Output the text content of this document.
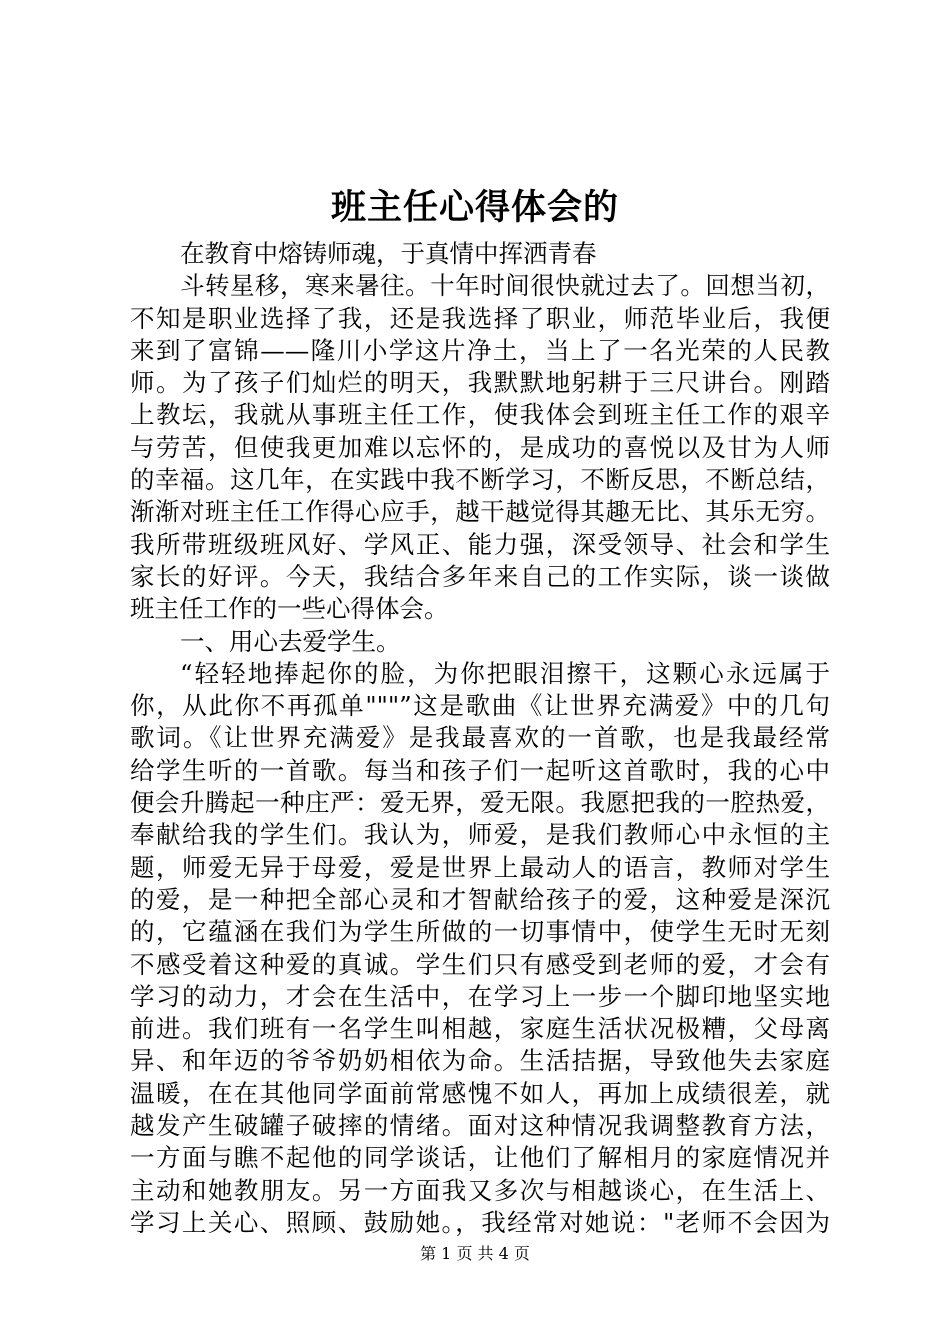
班主任心得体会的
在教育中熔铸师魂，于真情中挥洒青春
斗转星移，寒来暑往。十年时间很快就过去了。回想当初，
不知是职业选择了我，还是我选择了职业，师范毕业后，我便
来到了富锦——隆川小学这片净土，当上了一名光荣的人民教
师。为了孩子们灿烂的明天，我默默地躬耕于三尺讲台。刚踏
上教坛，我就从事班主任工作，使我体会到班主任工作的艰辛
与劳苦，但使我更加难以忘怀的，是成功的喜悦以及甘为人师
的幸福。这几年，在实践中我不断学习，不断反思，不断总结，
渐渐对班主任工作得心应手，越干越觉得其趣无比、其乐无穷。
我所带班级班风好、学风正、能力强，深受领导、社会和学生
家长的好评。今天，我结合多年来自己的工作实际，谈一谈做
班主任工作的一些心得体会。
一、用心去爱学生。
“轻轻地捧起你的脸，为你把眼泪擦干，这颗心永远属于
你，从此你不再孤单"""”这是歌曲《让世界充满爱》中的几句
歌词。《让世界充满爱》是我最喜欢的一首歌，也是我最经常
给学生听的一首歌。每当和孩子们一起听这首歌时，我的心中
便会升腾起一种庄严：爱无界，爱无限。我愿把我的一腔热爱，
奉献给我的学生们。我认为，师爱，是我们教师心中永恒的主
题，师爱无异于母爱，爱是世界上最动人的语言，教师对学生
的爱，是一种把全部心灵和才智献给孩子的爱，这种爱是深沉
的，它蕴涵在我们为学生所做的一切事情中，使学生无时无刻
不感受着这种爱的真诚。学生们只有感受到老师的爱，才会有
学习的动力，才会在生活中，在学习上一步一个脚印地坚实地
前进。我们班有一名学生叫相越，家庭生活状况极糟，父母离
异、和年迈的爷爷奶奶相依为命。生活拮据，导致他失去家庭
温暖，在在其他同学面前常感愧不如人，再加上成绩很差，就
越发产生破罐子破摔的情绪。面对这种情况我调整教育方法，
一方面与瞧不起他的同学谈话，让他们了解相月的家庭情况并
主动和她教朋友。另一方面我又多次与相越谈心，在生活上、
学习上关心、照顾、鼓励她。，我经常对她说："老师不会因为
第 1 页 共 4 页
